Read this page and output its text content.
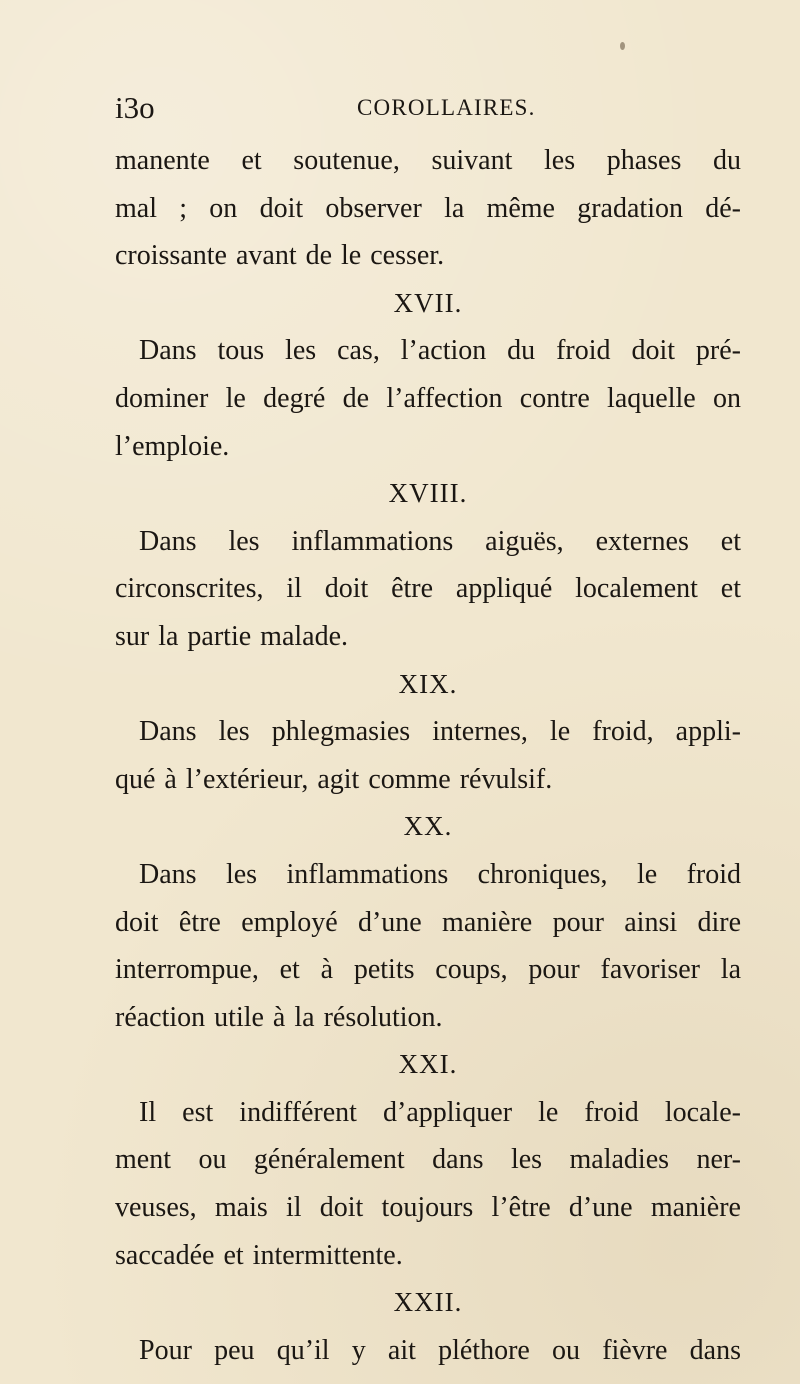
i3o	COROLLAIRES.
manente et soutenue, suivant les phases du
mal ; on doit observer la même gradation dé-
croissante avant de le cesser.
XVII.
Dans tous les cas, l’action du froid doit pré-
dominer le degré de l’affection contre laquelle on
l’emploie.
XVIII.
Dans les inflammations aiguës, externes et
circonscrites, il doit être appliqué localement et
sur la partie malade.
XIX.
Dans les phlegmasies internes, le froid, appli-
qué à l’extérieur, agit comme révulsif.
XX.
Dans les inflammations chroniques, le froid
doit être employé d’une manière pour ainsi dire
interrompue, et à petits coups, pour favoriser la
réaction utile à la résolution.
XXI.
Il est indifférent d’appliquer le froid locale-
ment ou généralement dans les maladies ner-
veuses, mais il doit toujours l’être d’une manière
saccadée et intermittente.
XXII.
Pour peu qu’il y ait pléthore ou fièvre dans
